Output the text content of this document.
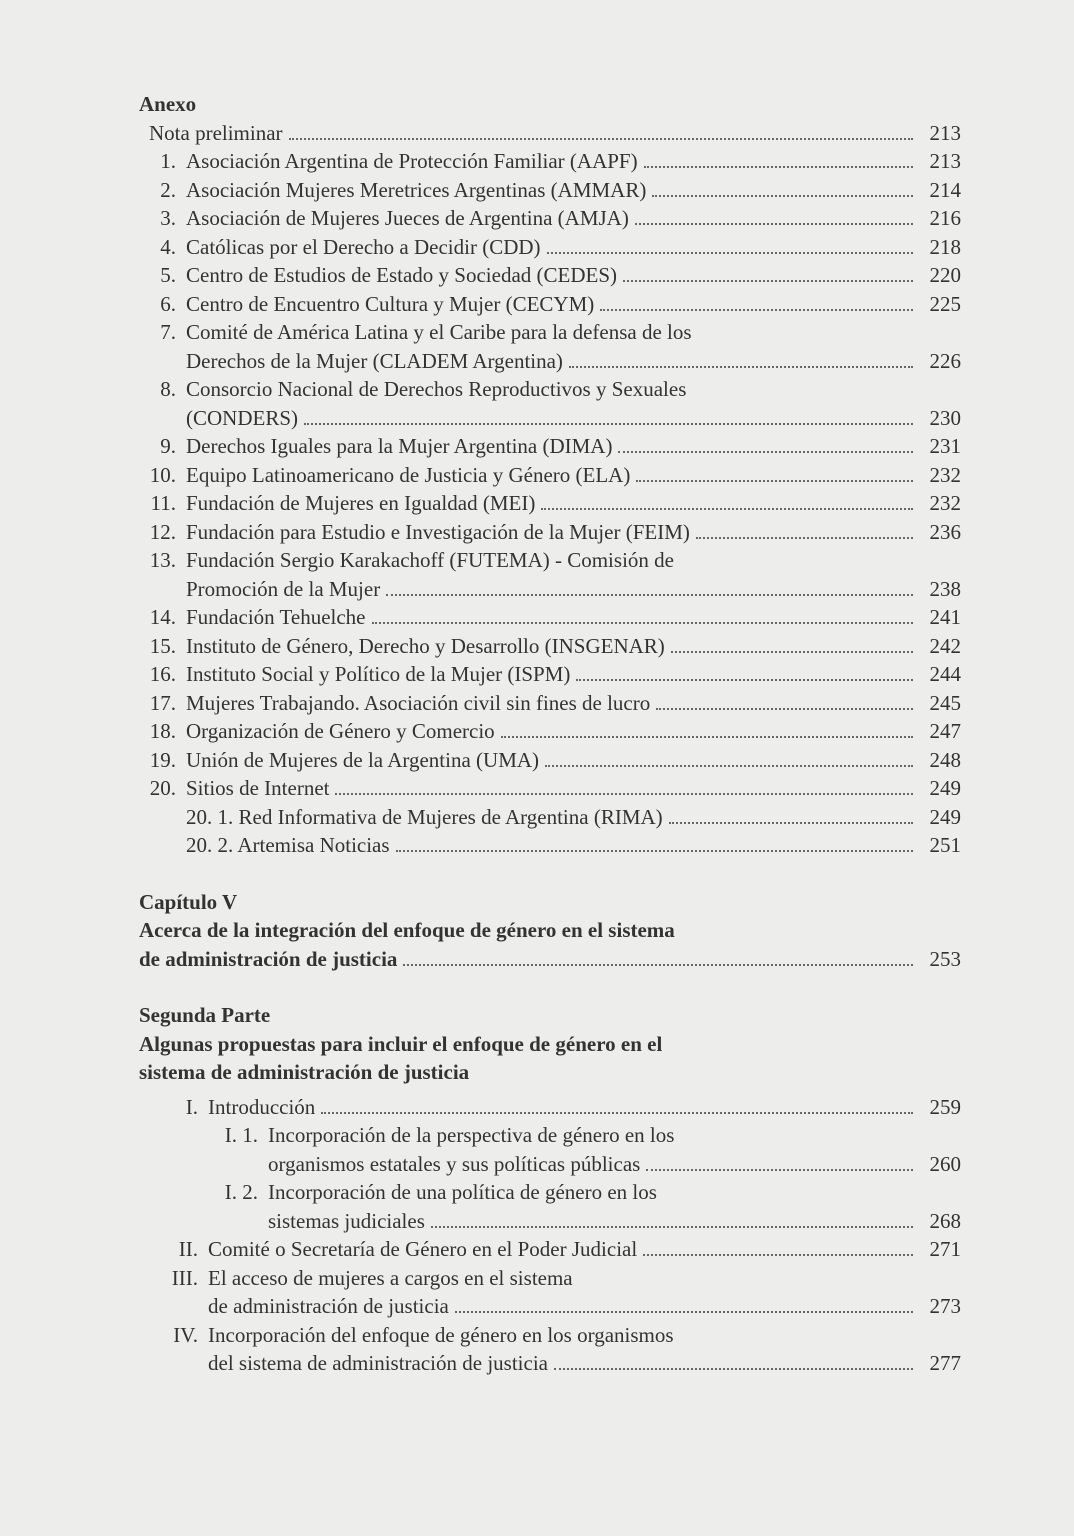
Anexo
Nota preliminar	213
1. Asociación Argentina de Protección Familiar (AAPF)	213
2. Asociación Mujeres Meretrices Argentinas (AMMAR)	214
3. Asociación de Mujeres Jueces de Argentina (AMJA)	216
4. Católicas por el Derecho a Decidir (CDD)	218
5. Centro de Estudios de Estado y Sociedad (CEDES)	220
6. Centro de Encuentro Cultura y Mujer (CECYM)	225
7. Comité de América Latina y el Caribe para la defensa de los
Derechos de la Mujer (CLADEM Argentina)	226
8. Consorcio Nacional de Derechos Reproductivos y Sexuales
(CONDERS)	230
9. Derechos Iguales para la Mujer Argentina (DIMA)	231
10. Equipo Latinoamericano de Justicia y Género (ELA)	232
11. Fundación de Mujeres en Igualdad (MEI)	232
12. Fundación para Estudio e Investigación de la Mujer (FEIM)	236
13. Fundación Sergio Karakachoff (FUTEMA) - Comisión de
Promoción de la Mujer	238
14. Fundación Tehuelche	241
15. Instituto de Género, Derecho y Desarrollo (INSGENAR)	242
16. Instituto Social y Político de la Mujer (ISPM)	244
17. Mujeres Trabajando. Asociación civil sin fines de lucro	245
18. Organización de Género y Comercio	247
19. Unión de Mujeres de la Argentina (UMA)	248
20. Sitios de Internet	249
20. 1. Red Informativa de Mujeres de Argentina (RIMA)	249
20. 2. Artemisa Noticias	251
Capítulo V
Acerca de la integración del enfoque de género en el sistema
de administración de justicia	253
Segunda Parte
Algunas propuestas para incluir el enfoque de género en el
sistema de administración de justicia
I. Introducción	259
I. 1. Incorporación de la perspectiva de género en los
organismos estatales y sus políticas públicas	260
I. 2. Incorporación de una política de género en los
sistemas judiciales	268
II. Comité o Secretaría de Género en el Poder Judicial	271
III. El acceso de mujeres a cargos en el sistema
de administración de justicia	273
IV. Incorporación del enfoque de género en los organismos
del sistema de administración de justicia	277
